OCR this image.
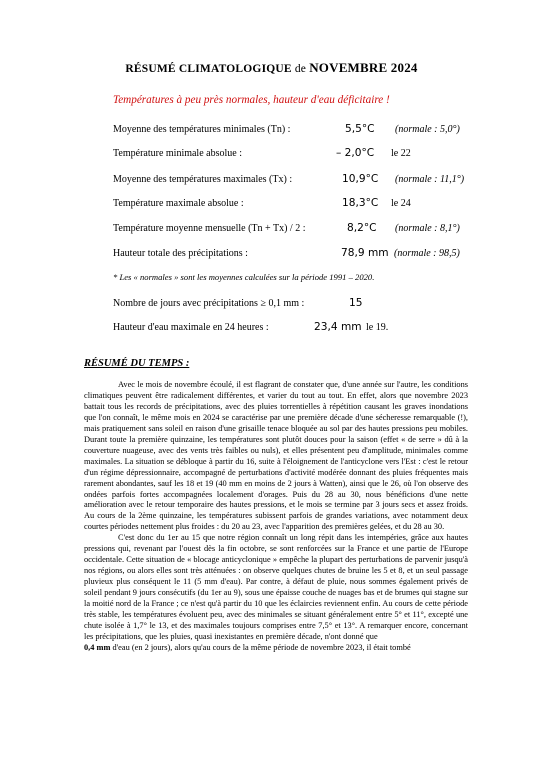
RÉSUMÉ CLIMATOLOGIQUE de NOVEMBRE 2024
Températures à peu près normales, hauteur d'eau déficitaire !
Moyenne des températures minimales (Tn) :	5,5°C (normale : 5,0°)
Température minimale absolue :	– 2,0°C le 22
Moyenne des températures maximales (Tx) :	10,9°C (normale : 11,1°)
Température maximale absolue :	18,3°C le 24
Température moyenne mensuelle (Tn + Tx) / 2 :	8,2°C (normale : 8,1°)
Hauteur totale des précipitations :	78,9 mm (normale : 98,5)
* Les « normales » sont les moyennes calculées sur la période 1991 – 2020.
Nombre de jours avec précipitations ≥ 0,1 mm :	15
Hauteur d'eau maximale en 24 heures :	23,4 mm le 19.
RÉSUMÉ DU TEMPS :

Avec le mois de novembre écoulé, il est flagrant de constater que, d'une année sur l'autre, les conditions climatiques peuvent être radicalement différentes, et varier du tout au tout. En effet, alors que novembre 2023 battait tous les records de précipitations, avec des pluies torrentielles à répétition causant les graves inondations que l'on connaît, le même mois en 2024 se caractérise par une première décade d'une sécheresse remarquable (!), mais pratiquement sans soleil en raison d'une grisaille tenace bloquée au sol par des hautes pressions peu mobiles. Durant toute la première quinzaine, les températures sont plutôt douces pour la saison (effet « de serre » dû à la couverture nuageuse, avec des vents très faibles ou nuls), et elles présentent peu d'amplitude, minimales comme maximales. La situation se débloque à partir du 16, suite à l'éloignement de l'anticyclone vers l'Est : c'est le retour d'un régime dépressionnaire, accompagné de perturbations d'activité modérée donnant des pluies fréquentes mais rarement abondantes, sauf les 18 et 19 (40 mm en moins de 2 jours à Watten), ainsi que le 26, où l'on observe des ondées parfois fortes accompagnées localement d'orages. Puis du 28 au 30, nous bénéficions d'une nette amélioration avec le retour temporaire des hautes pressions, et le mois se termine par 3 jours secs et assez froids. Au cours de la 2ème quinzaine, les températures subissent parfois de grandes variations, avec notamment deux courtes périodes nettement plus froides : du 20 au 23, avec l'apparition des premières gelées, et du 28 au 30.

C'est donc du 1er au 15 que notre région connaît un long répit dans les intempéries, grâce aux hautes pressions qui, revenant par l'ouest dès la fin octobre, se sont renforcées sur la France et une partie de l'Europe occidentale. Cette situation de « blocage anticyclonique » empêche la plupart des perturbations de parvenir jusqu'à nos régions, ou alors elles sont très atténuées : on observe quelques chutes de bruine les 5 et 8, et un seul passage pluvieux plus conséquent le 11 (5 mm d'eau). Par contre, à défaut de pluie, nous sommes également privés de soleil pendant 9 jours consécutifs (du 1er au 9), sous une épaisse couche de nuages bas et de brumes qui stagne sur la moitié nord de la France ; ce n'est qu'à partir du 10 que les éclaircies reviennent enfin. Au cours de cette période très stable, les températures évoluent peu, avec des minimales se situant généralement entre 5° et 11°, excepté une chute isolée à 1,7° le 13, et des maximales toujours comprises entre 7,5° et 13°. A remarquer encore, concernant les précipitations, que les pluies, quasi inexistantes en première décade, n'ont donné que
0,4 mm d'eau (en 2 jours), alors qu'au cours de la même période de novembre 2023, il était tombé
